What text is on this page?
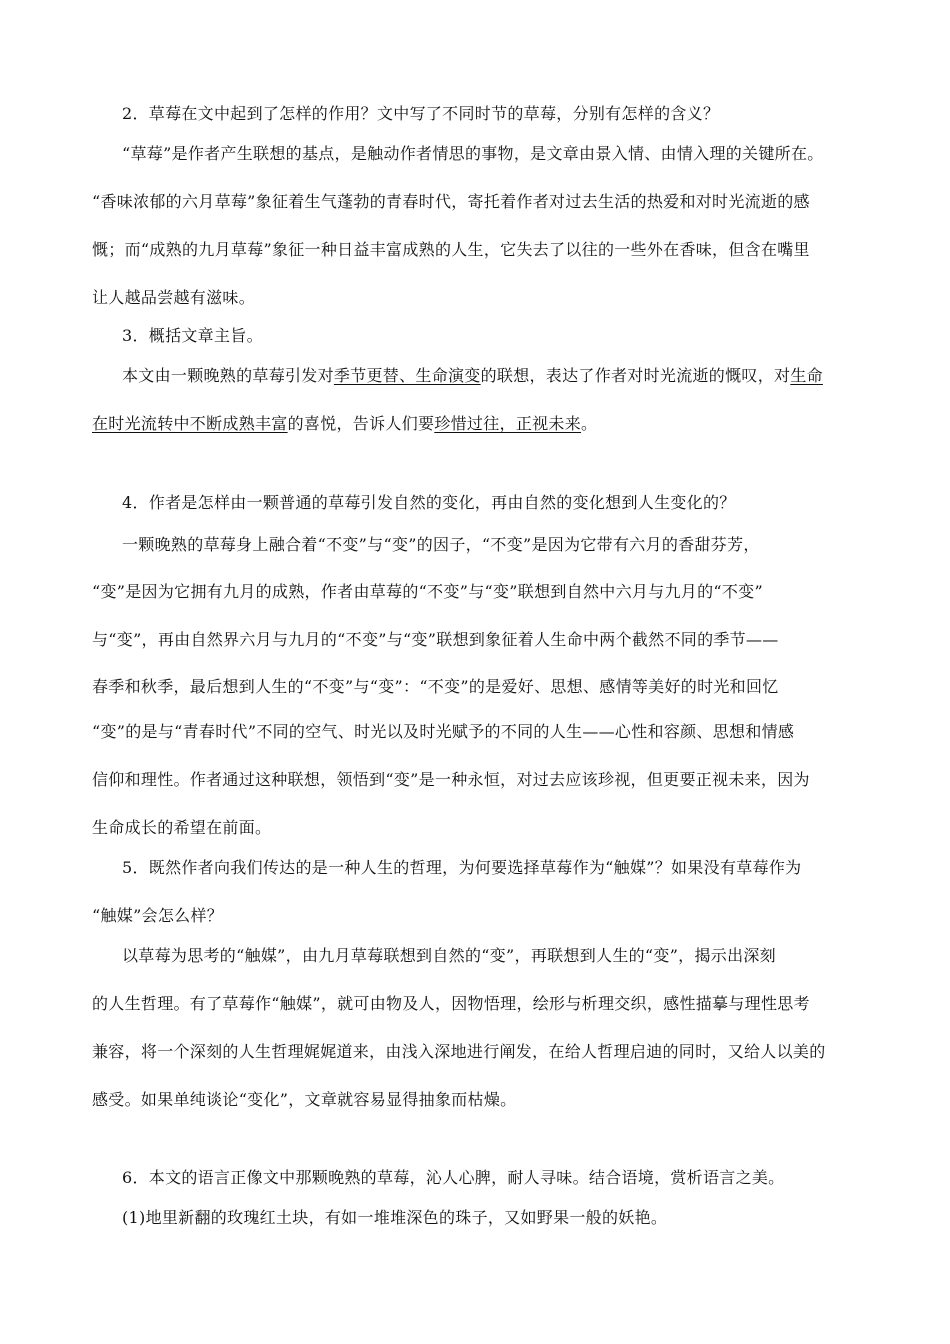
2．草莓在文中起到了怎样的作用？文中写了不同时节的草莓，分别有怎样的含义？
“草莓”是作者产生联想的基点，是触动作者情思的事物，是文章由景入情、由情入理的关键所在。
“香味浓郁的六月草莓”象征着生气蓬勃的青春时代，寄托着作者对过去生活的热爱和对时光流逝的感
慨；而“成熟的九月草莓”象征一种日益丰富成熟的人生，它失去了以往的一些外在香味，但含在嘴里
让人越品尝越有滋味。
3．概括文章主旨。
本文由一颗晚熟的草莓引发对季节更替、生命演变的联想，表达了作者对时光流逝的慨叹，对生命
在时光流转中不断成熟丰富的喜悦，告诉人们要珍惜过往，正视未来。
4．作者是怎样由一颗普通的草莓引发自然的变化，再由自然的变化想到人生变化的？
一颗晚熟的草莓身上融合着“不变”与“变”的因子，“不变”是因为它带有六月的香甜芬芳，
“变”是因为它拥有九月的成熟，作者由草莓的“不变”与“变”联想到自然中六月与九月的“不变”
与“变”，再由自然界六月与九月的“不变”与“变”联想到象征着人生命中两个截然不同的季节——
春季和秋季，最后想到人生的“不变”与“变”：“不变”的是爱好、思想、感情等美好的时光和回忆
“变”的是与“青春时代”不同的空气、时光以及时光赋予的不同的人生——心性和容颜、思想和情感
信仰和理性。作者通过这种联想，领悟到“变”是一种永恒，对过去应该珍视，但更要正视未来，因为
生命成长的希望在前面。
5．既然作者向我们传达的是一种人生的哲理，为何要选择草莓作为“触媒”？如果没有草莓作为
“触媒”会怎么样？
以草莓为思考的“触媒”，由九月草莓联想到自然的“变”，再联想到人生的“变”，揭示出深刻
的人生哲理。有了草莓作“触媒”，就可由物及人，因物悟理，绘形与析理交织，感性描摹与理性思考
兼容，将一个深刻的人生哲理娓娓道来，由浅入深地进行阐发，在给人哲理启迪的同时，又给人以美的
感受。如果单纯谈论“变化”，文章就容易显得抽象而枯燥。
6．本文的语言正像文中那颗晚熟的草莓，沁人心脾，耐人寻味。结合语境，赏析语言之美。
(1)地里新翻的玫瑰红土块，有如一堆堆深色的珠子，又如野果一般的妖艳。
